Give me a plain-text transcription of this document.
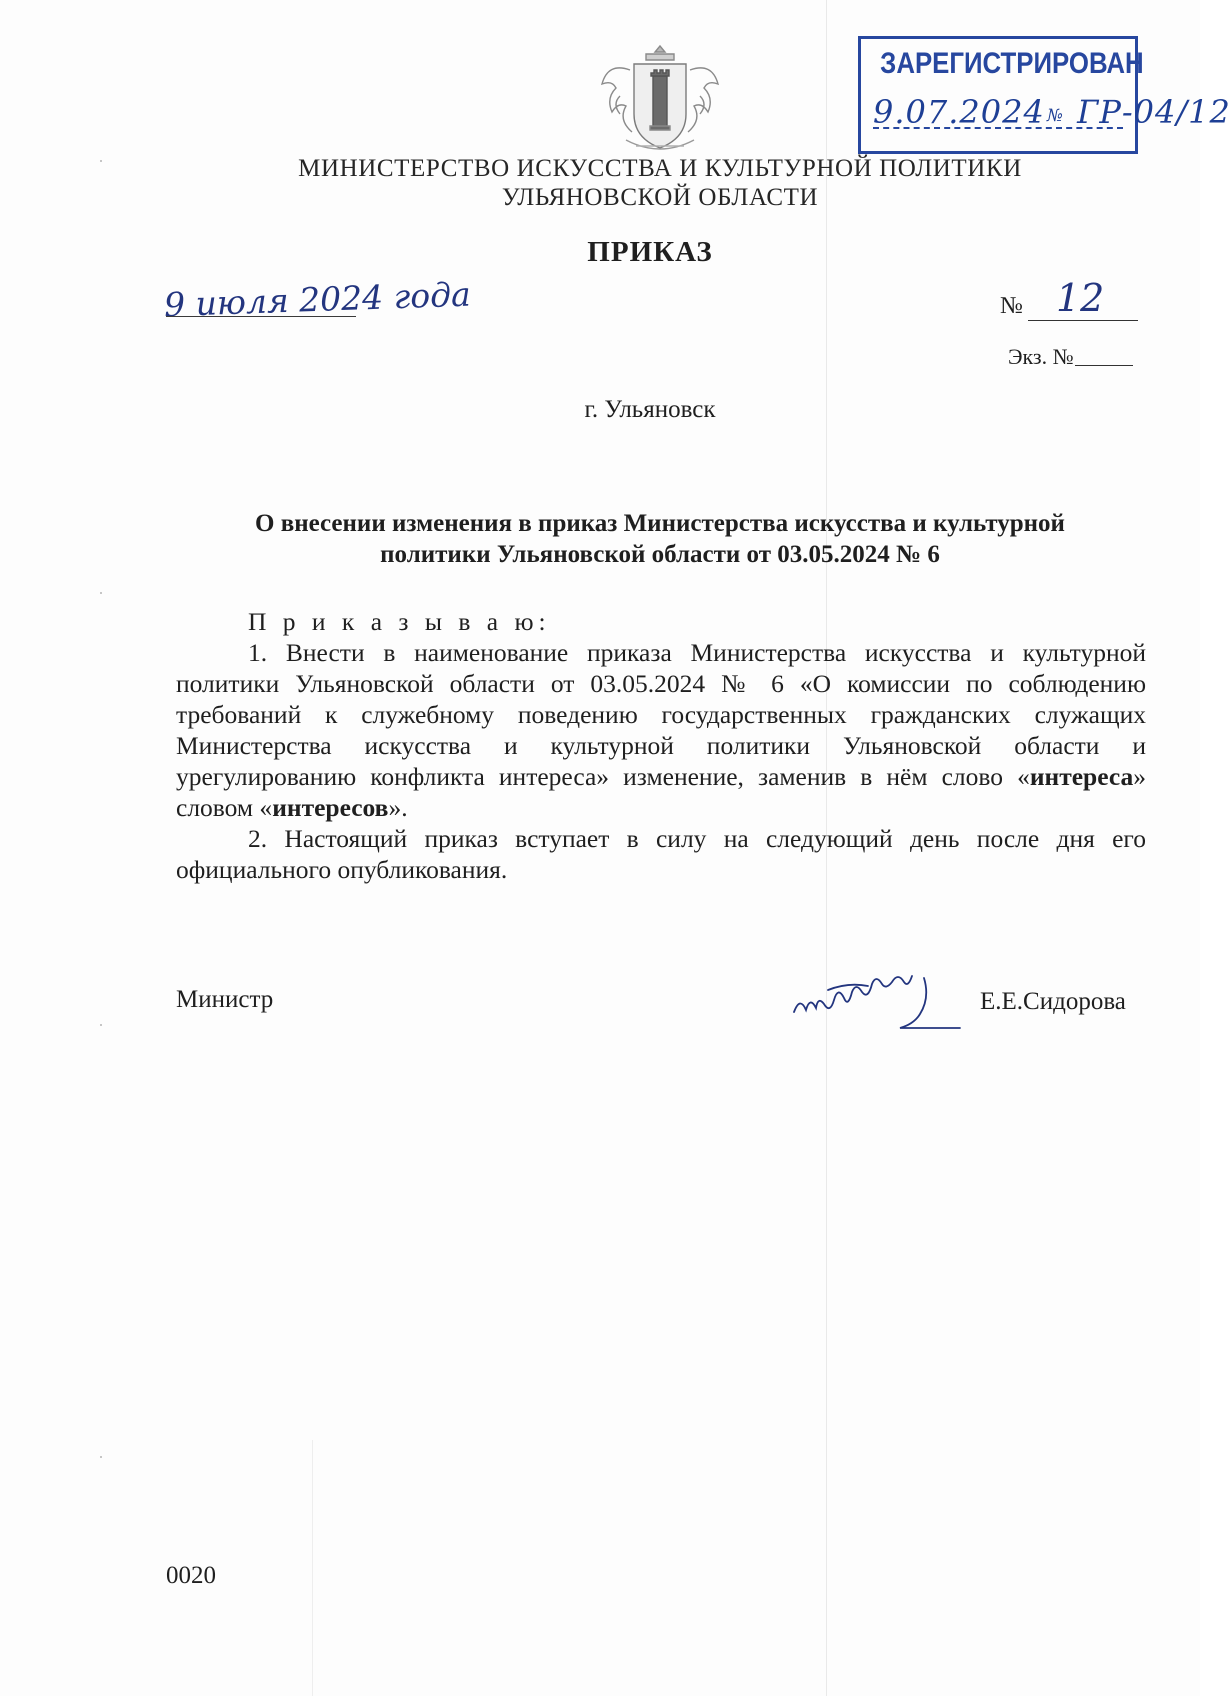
ЗАРЕГИСТРИРОВАН
9.07.2024 № ГР-04/12
МИНИСТЕРСТВО ИСКУССТВА И КУЛЬТУРНОЙ ПОЛИТИКИ
УЛЬЯНОВСКОЙ ОБЛАСТИ
ПРИКАЗ
9 июля 2024 года	№ 12
Экз. №
г. Ульяновск
О внесении изменения в приказ Министерства искусства и культурной
политики Ульяновской области от 03.05.2024 № 6

П р и к а з ы в а ю:

1. Внести в наименование приказа Министерства искусства и культурной политики Ульяновской области от 03.05.2024 № 6 «О комиссии по соблюдению требований к служебному поведению государственных гражданских служащих Министерства искусства и культурной политики Ульяновской области и урегулированию конфликта интереса» изменение, заменив в нём слово «интереса» словом «интересов».

2. Настоящий приказ вступает в силу на следующий день после дня его официального опубликования.

Министр	Е.Е.Сидорова
0020
